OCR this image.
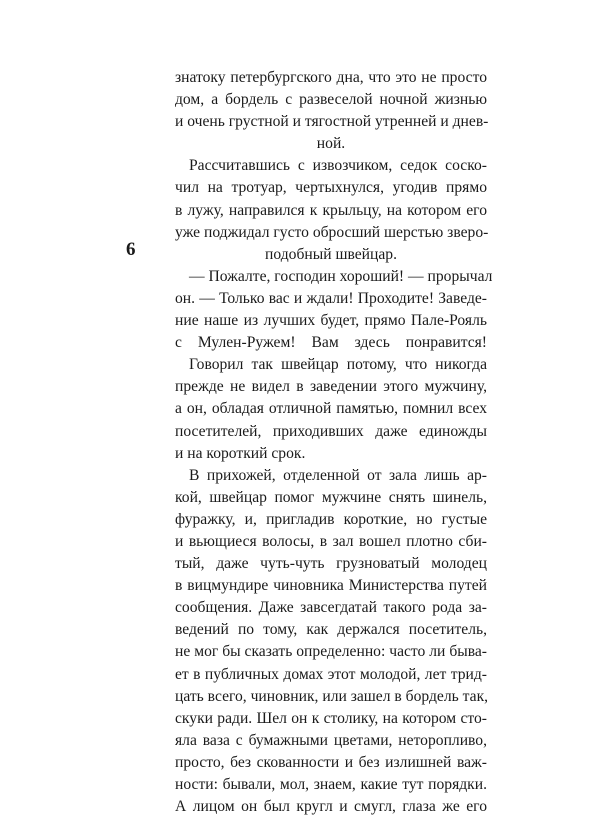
6
знатоку петербургского дна, что это не просто
дом, а бордель с развеселой ночной жизнью
и очень грустной и тягостной утренней и днев-
ной.
Рассчитавшись с извозчиком, седок соско-
чил на тротуар, чертыхнулся, угодив прямо
в лужу, направился к крыльцу, на котором его
уже поджидал густо обросший шерстью зверо-
подобный швейцар.
— Пожалте, господин хороший! — прорычал
он. — Только вас и ждали! Проходите! Заведе-
ние наше из лучших будет, прямо Пале-Рояль
с Мулен-Ружем! Вам здесь понравится!
Говорил так швейцар потому, что никогда
прежде не видел в заведении этого мужчину,
а он, обладая отличной памятью, помнил всех
посетителей, приходивших даже единожды
и на короткий срок.
В прихожей, отделенной от зала лишь ар-
кой, швейцар помог мужчине снять шинель,
фуражку, и, пригладив короткие, но густые
и вьющиеся волосы, в зал вошел плотно сби-
тый, даже чуть-чуть грузноватый молодец
в вицмундире чиновника Министерства путей
сообщения. Даже завсегдатай такого рода за-
ведений по тому, как держался посетитель,
не мог бы сказать определенно: часто ли быва-
ет в публичных домах этот молодой, лет трид-
цать всего, чиновник, или зашел в бордель так,
скуки ради. Шел он к столику, на котором сто-
яла ваза с бумажными цветами, неторопливо,
просто, без скованности и без излишней важ-
ности: бывали, мол, знаем, какие тут порядки.
А лицом он был кругл и смугл, глаза же его
